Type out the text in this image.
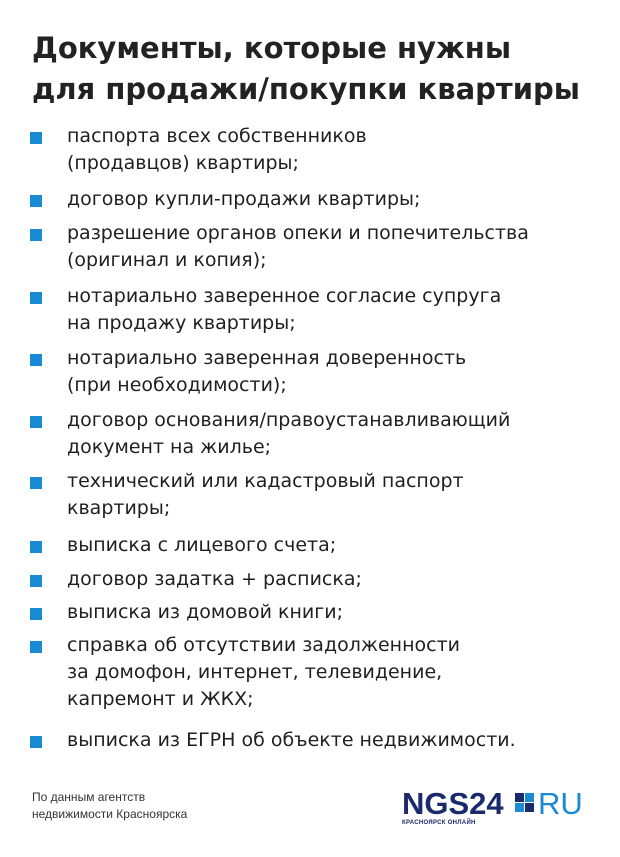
Документы, которые нужны
для продажи/покупки квартиры
паспорта всех собственников
(продавцов) квартиры;
договор купли-продажи квартиры;
разрешение органов опеки и попечительства
(оригинал и копия);
нотариально заверенное согласие супруга
на продажу квартиры;
нотариально заверенная доверенность
(при необходимости);
договор основания/правоустанавливающий
документ на жилье;
технический или кадастровый паспорт
квартиры;
выписка с лицевого счета;
договор задатка + расписка;
выписка из домовой книги;
справка об отсутствии задолженности
за домофон, интернет, телевидение,
капремонт и ЖКХ;
выписка из ЕГРН об объекте недвижимости.
По данным агентств
недвижимости Красноярска	NGS24 RU
КРАСНОЯРСК ОНЛАЙН
